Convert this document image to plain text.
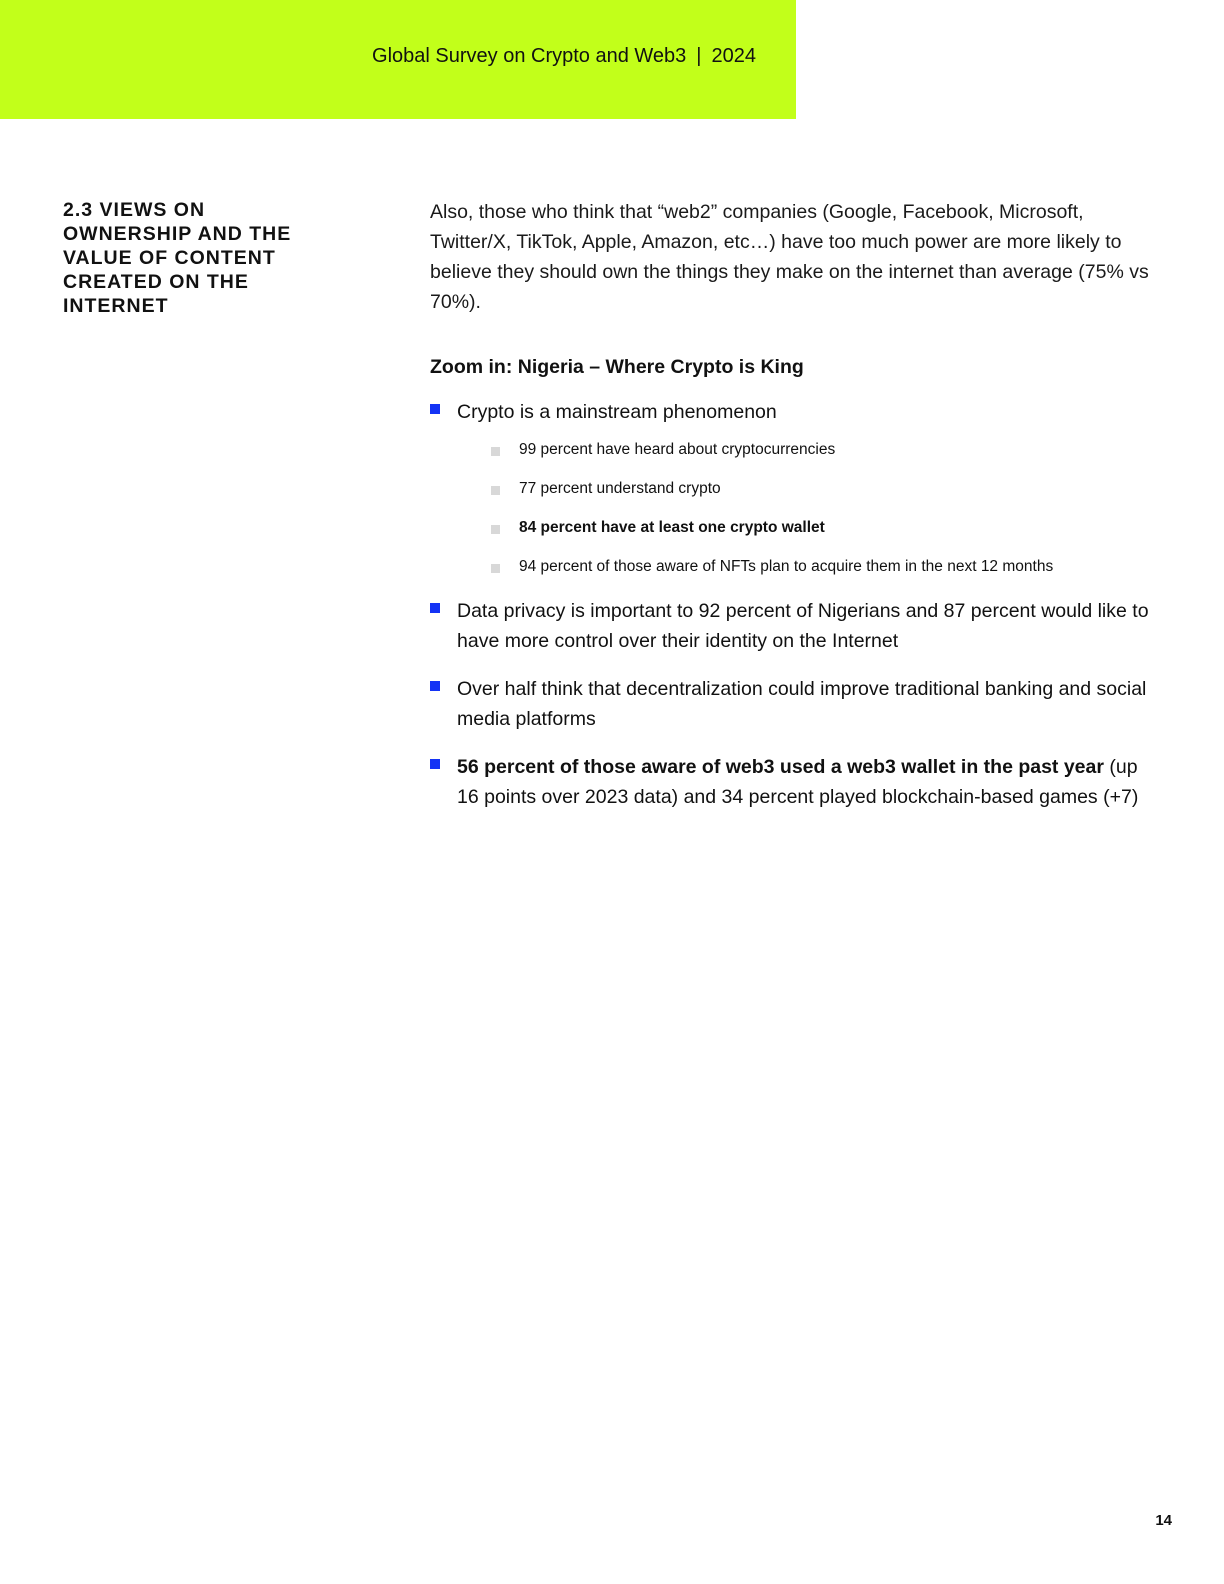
Global Survey on Crypto and Web3 | 2024
2.3 VIEWS ON OWNERSHIP AND THE VALUE OF CONTENT CREATED ON THE INTERNET

Also, those who think that “web2” companies (Google, Facebook, Microsoft, Twitter/X, TikTok, Apple, Amazon, etc…) have too much power are more likely to believe they should own the things they make on the internet than average (75% vs 70%).

Zoom in: Nigeria – Where Crypto is King
Crypto is a mainstream phenomenon
99 percent have heard about cryptocurrencies
77 percent understand crypto
84 percent have at least one crypto wallet
94 percent of those aware of NFTs plan to acquire them in the next 12 months
Data privacy is important to 92 percent of Nigerians and 87 percent would like to have more control over their identity on the Internet
Over half think that decentralization could improve traditional banking and social media platforms
56 percent of those aware of web3 used a web3 wallet in the past year (up 16 points over 2023 data) and 34 percent played blockchain-based games (+7)
14
